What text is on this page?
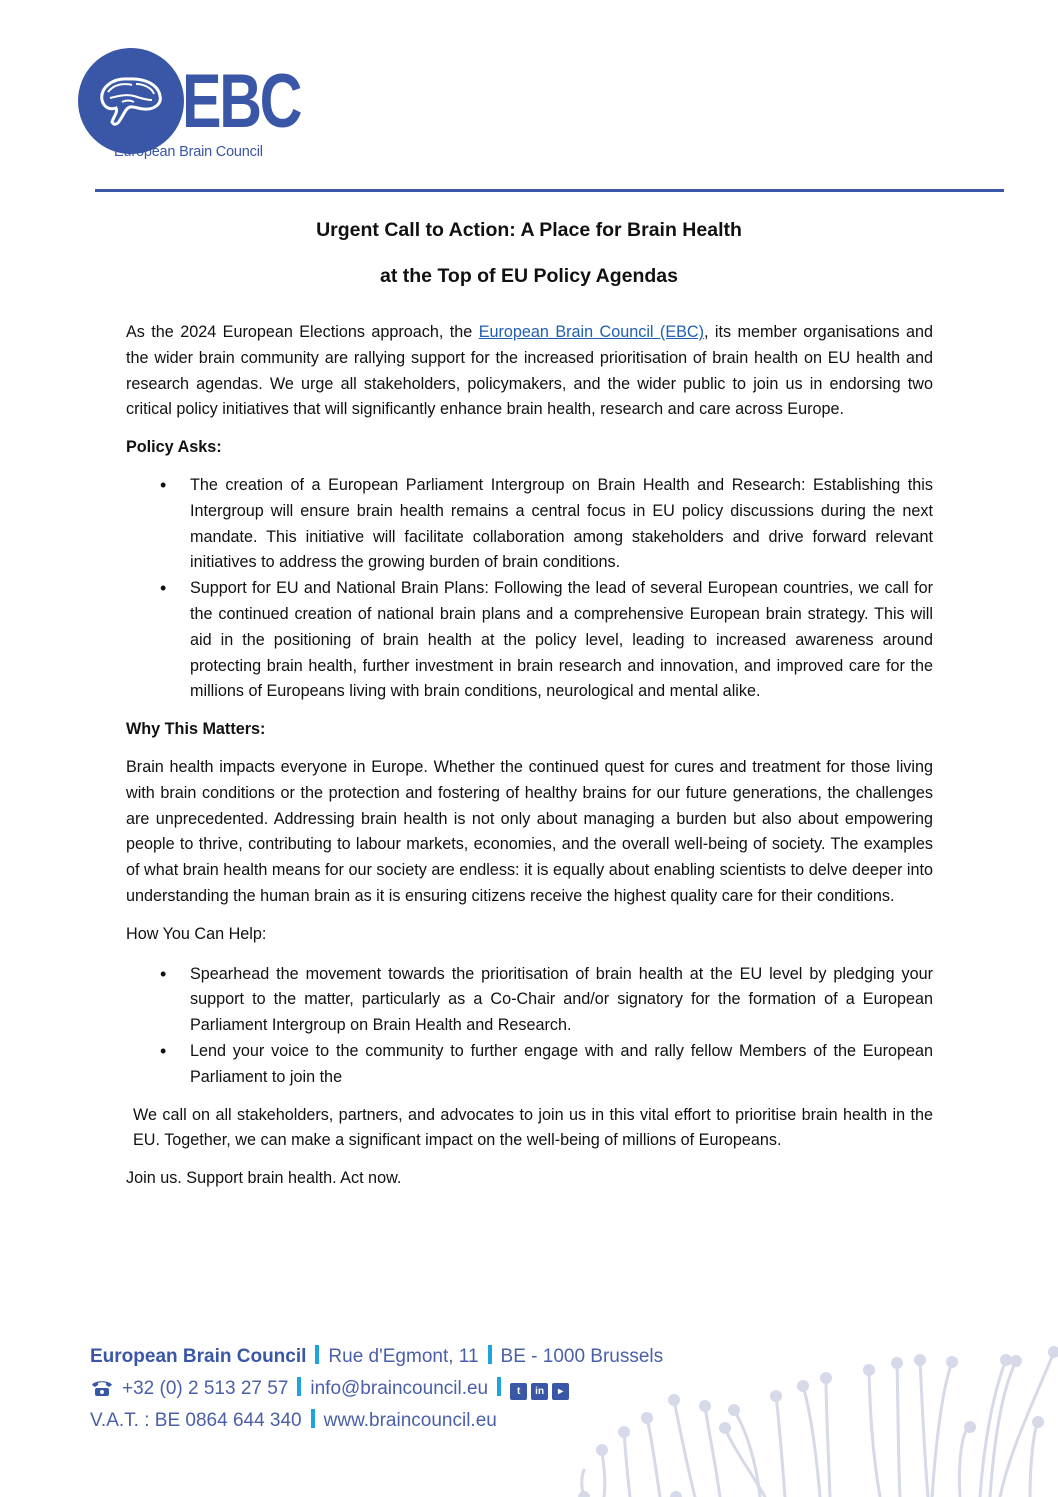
EBC
European Brain Council
Urgent Call to Action: A Place for Brain Health
at the Top of EU Policy Agendas

As the 2024 European Elections approach, the European Brain Council (EBC), its member organisations and the wider brain community are rallying support for the increased prioritisation of brain health on EU health and research agendas. We urge all stakeholders, policymakers, and the wider public to join us in endorsing two critical policy initiatives that will significantly enhance brain health, research and care across Europe.

Policy Asks:

• The creation of a European Parliament Intergroup on Brain Health and Research: Establishing this Intergroup will ensure brain health remains a central focus in EU policy discussions during the next mandate. This initiative will facilitate collaboration among stakeholders and drive forward relevant initiatives to address the growing burden of brain conditions.
• Support for EU and National Brain Plans: Following the lead of several European countries, we call for the continued creation of national brain plans and a comprehensive European brain strategy. This will aid in the positioning of brain health at the policy level, leading to increased awareness around protecting brain health, further investment in brain research and innovation, and improved care for the millions of Europeans living with brain conditions, neurological and mental alike.

Why This Matters:

Brain health impacts everyone in Europe. Whether the continued quest for cures and treatment for those living with brain conditions or the protection and fostering of healthy brains for our future generations, the challenges are unprecedented. Addressing brain health is not only about managing a burden but also about empowering people to thrive, contributing to labour markets, economies, and the overall well-being of society. The examples of what brain health means for our society are endless: it is equally about enabling scientists to delve deeper into understanding the human brain as it is ensuring citizens receive the highest quality care for their conditions.

How You Can Help:

• Spearhead the movement towards the prioritisation of brain health at the EU level by pledging your support to the matter, particularly as a Co-Chair and/or signatory for the formation of a European Parliament Intergroup on Brain Health and Research.
• Lend your voice to the community to further engage with and rally fellow Members of the European Parliament to join the

We call on all stakeholders, partners, and advocates to join us in this vital effort to prioritise brain health in the EU. Together, we can make a significant impact on the well-being of millions of Europeans.

Join us. Support brain health. Act now.

European Brain Council Rue d'Egmont, 11 BE - 1000 Brussels
+32 (0) 2 513 27 57 info@braincouncil.eu	t in ▸
V.A.T. : BE 0864 644 340 www.braincouncil.eu
